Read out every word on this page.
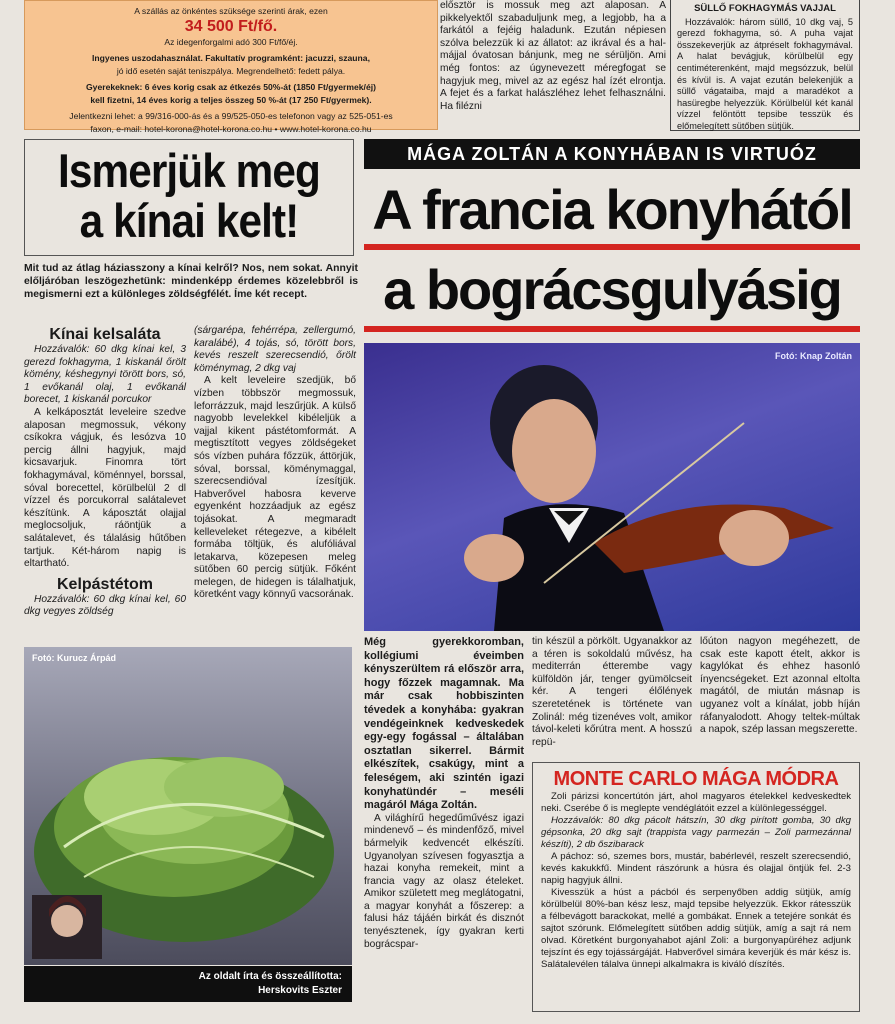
A szállás az önkéntes szüksége szerinti árak, ezen
34 500 Ft/fő.
Az idegenforgalmi adó 300 Ft/fő/éj.
Ingyenes uszodahasználat. Fakultatív programként: jacuzzi, szauna,
jó idő esetén saját teniszpálya. Megrendelhető: fedett pálya.
Gyerekeknek: 6 éves korig csak az étkezés 50%-át (1850 Ft/gyermek/éj)
kell fizetni, 14 éves korig a teljes összeg 50 %-át (17 250 Ft/gyermek).
Jelentkezni lehet: a 99/316-000-ás és a 99/525-050-es telefonon vagy az 525-051-es
faxon, e-mail: hotel-korona@hotel-korona.co.hu • www.hotel-korona.co.hu
elősztör is mossuk meg azt alaposan. A pikkelyektől szabaduljunk meg, a legjobb, ha a farkától a fejéig haladunk. Ezután népiesen szólva belezzük ki az állatot: az ikrával és a halmájjal óvatosan bánjunk, meg ne sérüljön. Ami még fontos: az úgynevezett méregfogat se hagyjuk meg, mivel az az egész hal ízét elrontja. A fejet és a farkat halászléhez lehet felhasználni. Ha filézni
SÜLLŐ FOKHAGYMÁS VAJJAL
Hozzávalók: három süllő, 10 dkg vaj, 5 gerezd fokhagyma, só. A puha vajat összekeverjük az átpréselt fokhagymával. A halat bevágjuk, körülbelül egy centiméterenként, majd megsózzuk, belül és kívül is. A vajat ezután belekenjük a süllő vágataiba, majd a maradékot a hasüregbe helyezzük. Körülbelül két kanál vízzel felöntött tepsibe tesszük és előmelegített sütőben sütjük.
Ismerjük meg a kínai kelt!
Mit tud az átlag háziasszony a kínai kelről? Nos, nem sokat. Annyit előljáróban leszögezhetünk: mindenképp érdemes közelebbről is megismerni ezt a különleges zöldségfélét. Íme két recept.
Kínai kelsaláta

Hozzávalók: 60 dkg kínai kel, 3 gerezd fokhagyma, 1 kiskanál őrölt kömény, késhegynyi törött bors, só, 1 evőkanál olaj, 1 evőkanál borecet, 1 kiskanál porcukor

A kelkáposztát leveleire szedve alaposan megmossuk, vékony csíkokra vágjuk, és lesózva 10 percig állni hagyjuk, majd kicsavarjuk. Finomra tört fokhagymával, köménnyel, borssal, sóval borecettel, körülbelül 2 dl vízzel és porcukorral salátalevet készítünk. A káposztát olajjal meglocsoljuk, ráöntjük a salátalevet, és tálalásig hűtőben tartjuk. Két-három napig is eltartható.

Kelpástétom

Hozzávalók: 60 dkg kínai kel, 60 dkg vegyes zöldség

(sárgarépa, fehérrépa, zellergumó, karalábé), 4 tojás, só, törött bors, kevés reszelt szerecsendió, őrölt köménymag, 2 dkg vaj

A kelt leveleire szedjük, bő vízben többször megmossuk, leforrázzuk, majd leszűrjük. A külső nagyobb levelekkel kibéleljük a vajjal kikent pástétomformát. A megtisztított vegyes zöldségeket sós vízben puhára főzzük, áttörjük, sóval, borssal, köménymaggal, szerecsendióval ízesítjük. Habverővel habosra keverve egyenként hozzáadjuk az egész tojásokat. A megmaradt kelleveleket rétegezve, a kibélelt formába töltjük, és alufóliával letakarva, közepesen meleg sütőben 60 percig sütjük. Főként melegen, de hidegen is tálalhatjuk, köretként vagy könnyű vacsorának.

Fotó: Kurucz Árpád
Az oldalt írta és összeállította:
Herskovits Eszter
MÁGA ZOLTÁN A KONYHÁBAN IS VIRTUÓZ
A francia konyhától
a bográcsgulyásig
Fotó: Knap Zoltán
Még gyerekkoromban, kollégiumi éveimben kényszerültem rá először arra, hogy főzzek magamnak. Ma már csak hobbiszinten tévedek a konyhába: gyakran vendégeinknek kedveskedek egy-egy fogással – általában osztatlan sikerrel. Bármit elkészítek, csakúgy, mint a feleségem, aki szintén igazi konyhatündér – meséli magáról Mága Zoltán.

A világhírű hegedűművész igazi mindenevő – és mindenfőző, mivel bármelyik kedvencét elkészíti. Ugyanolyan szívesen fogyasztja a hazai konyha remekeit, mint a francia vagy az olasz ételeket. Amikor született meg meglátogatni, a magyar konyhát a főszerep: a falusi ház tájáén birkát és disznót tenyésztenek, így gyakran kerti bográcspar-

tin készül a pörkölt. Ugyanakkor az a téren is sokoldalú művész, ha mediterrán étterembe vagy külföldön jár, tenger gyümölcseit kér. A tengeri élőlények szeretetének is története van Zolinál: még tizenéves volt, amikor távol-keleti kőrútra ment. A hosszú repü-
lőúton nagyon megéhezett, de csak este kapott ételt, akkor is kagylókat és ehhez hasonló ínyencségeket. Ezt azonnal eltolta magától, de miután másnap is ugyanez volt a kínálat, jobb híján ráfanyalodott. Ahogy teltek-múltak a napok, szép lassan megszerette.
MONTE CARLO MÁGA MÓDRA

Zoli párizsi koncertútón járt, ahol magyaros ételekkel kedveskedtek neki. Cserébe ő is meglepte vendéglátóit ezzel a különlegességgel.

Hozzávalók: 80 dkg pácolt hátszín, 30 dkg pirított gomba, 30 dkg gépsonka, 20 dkg sajt (trappista vagy parmezán – Zoli parmezánnal készíti), 2 db őszibarack

A páchoz: só, szemes bors, mustár, babérlevél, reszelt szerecsendió, kevés kakukkfű. Mindent rászórunk a húsra és olajjal öntjük fel. 2-3 napig hagyjuk állni.

Kivesszük a húst a pácból és serpenyőben addig sütjük, amíg körülbelül 80%-ban kész lesz, majd tepsibe helyezzük. Ekkor rátesszük a félbevágott barackokat, mellé a gombákat. Ennek a tetejére sonkát és sajtot szórunk. Előmelegített sütőben addig sütjük, amíg a sajt rá nem olvad. Köretként burgonyahabot ajánl Zoli: a burgonyapüréhez adjunk tejszínt és egy tojássárgáját. Habverővel simára keverjük és már kész is. Salátalevélen tálalva ünnepi alkalmakra is kiváló díszítés.
